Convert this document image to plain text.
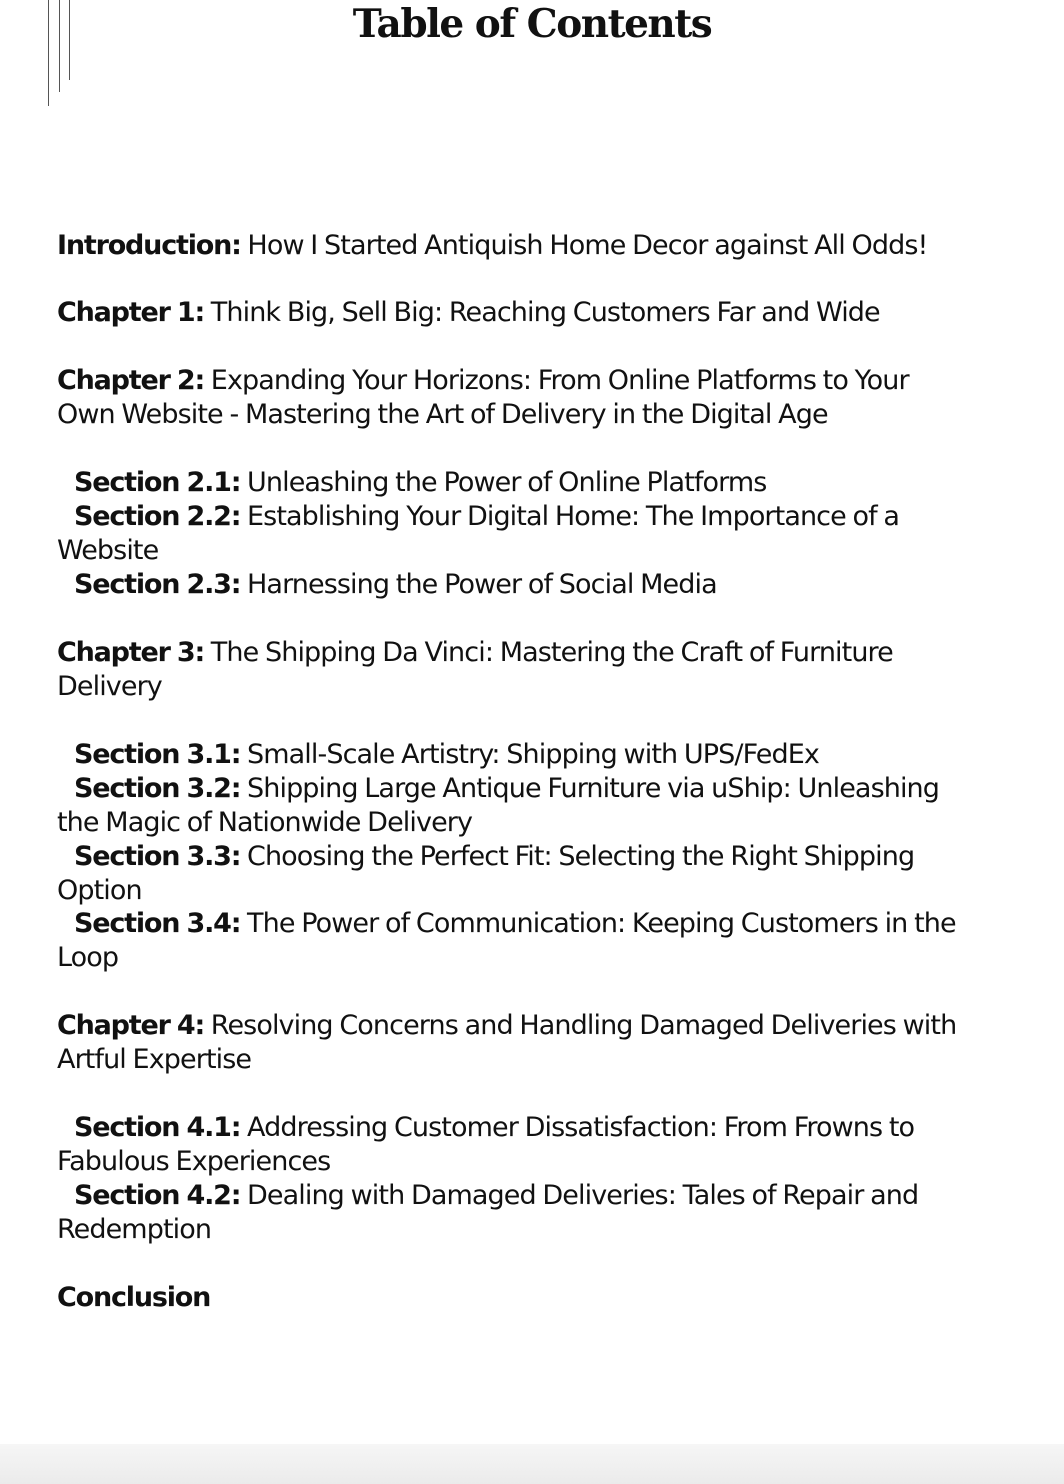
Table of Contents
Introduction: How I Started Antiquish Home Decor against All Odds!
Chapter 1: Think Big, Sell Big: Reaching Customers Far and Wide
Chapter 2: Expanding Your Horizons: From Online Platforms to Your
Own Website - Mastering the Art of Delivery in the Digital Age
Section 2.1: Unleashing the Power of Online Platforms
Section 2.2: Establishing Your Digital Home: The Importance of a
Website
Section 2.3: Harnessing the Power of Social Media
Chapter 3: The Shipping Da Vinci: Mastering the Craft of Furniture
Delivery
Section 3.1: Small-Scale Artistry: Shipping with UPS/FedEx
Section 3.2: Shipping Large Antique Furniture via uShip: Unleashing
the Magic of Nationwide Delivery
Section 3.3: Choosing the Perfect Fit: Selecting the Right Shipping
Option
Section 3.4: The Power of Communication: Keeping Customers in the
Loop
Chapter 4: Resolving Concerns and Handling Damaged Deliveries with
Artful Expertise
Section 4.1: Addressing Customer Dissatisfaction: From Frowns to
Fabulous Experiences
Section 4.2: Dealing with Damaged Deliveries: Tales of Repair and
Redemption
Conclusion
